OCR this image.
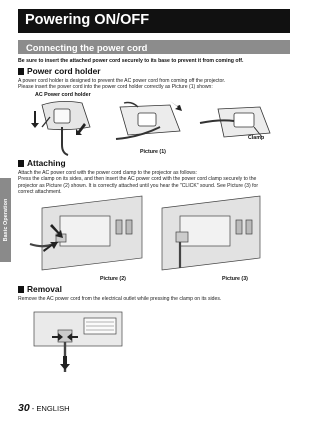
Basic Operation
Powering ON/OFF
Connecting the power cord
Be sure to insert the attached power cord securely to its base to prevent it from coming off.
Power cord holder
A power cord holder is designed to prevent the AC power cord from coming off the projector.
Please insert the power cord into the power cord holder correctly as Picture (1) shown:
AC Power cord holder
Clamp
Picture (1)
Attaching
Attach the AC power cord with the power cord clamp to the projector as follows:
Press the clamp on its sides, and then insert the AC power cord with the power cord clamp securely to the
projector as Picture (2) shown. It is correctly attached until you hear the "CLICK" sound. See Picture (3) for
correct attachment.
Picture (2)	Picture (3)
Removal
Remove the AC power cord from the electrical outlet while pressing the clamp on its sides.
30 - ENGLISH
